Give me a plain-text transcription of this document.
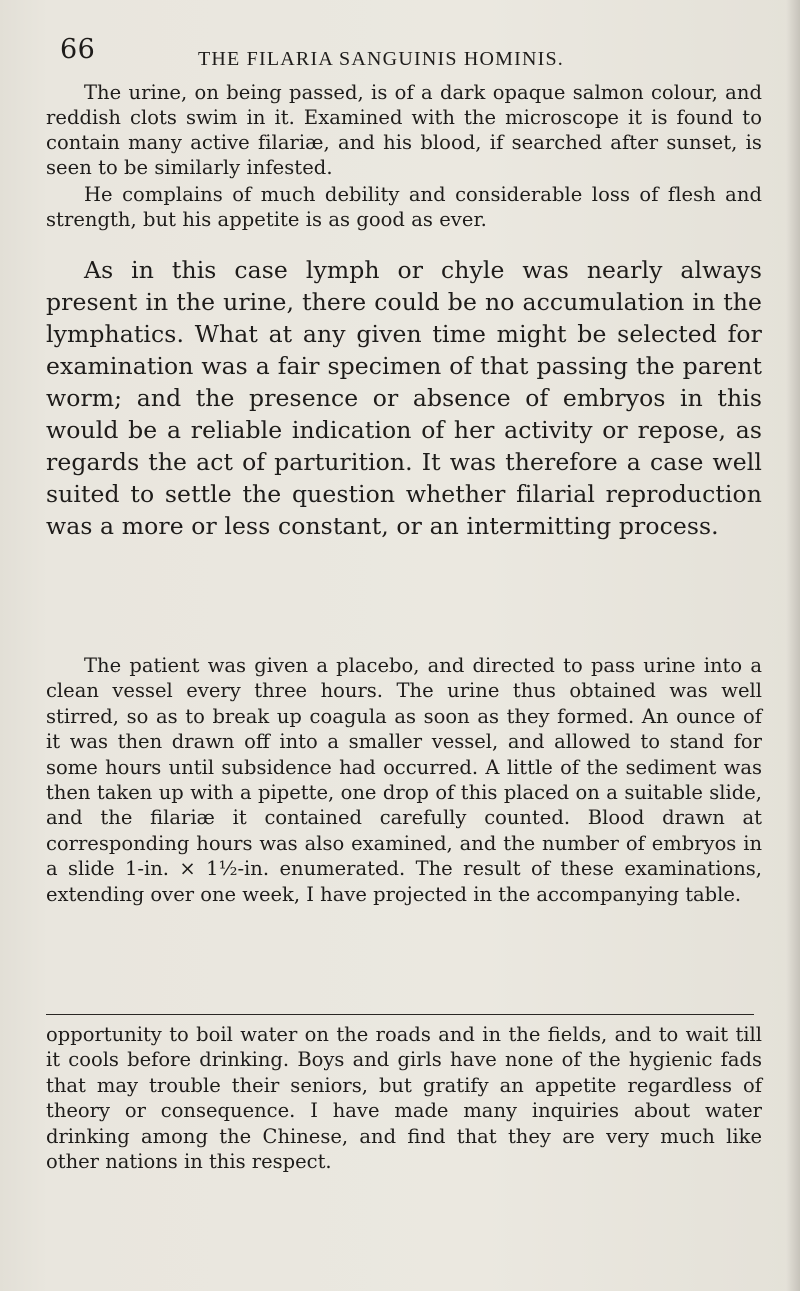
66	THE FILARIA SANGUINIS HOMINIS.

The urine, on being passed, is of a dark opaque salmon colour, and reddish clots swim in it. Examined with the microscope it is found to contain many active filariæ, and his blood, if searched after sunset, is seen to be similarly infested.

He complains of much debility and considerable loss of flesh and strength, but his appetite is as good as ever.

As in this case lymph or chyle was nearly always present in the urine, there could be no accumulation in the lymphatics. What at any given time might be selected for examination was a fair specimen of that passing the parent worm; and the presence or absence of embryos in this would be a reliable indication of her activity or repose, as regards the act of parturition. It was therefore a case well suited to settle the question whether filarial reproduction was a more or less constant, or an intermitting process.

The patient was given a placebo, and directed to pass urine into a clean vessel every three hours. The urine thus obtained was well stirred, so as to break up coagula as soon as they formed. An ounce of it was then drawn off into a smaller vessel, and allowed to stand for some hours until subsidence had occurred. A little of the sediment was then taken up with a pipette, one drop of this placed on a suitable slide, and the filariæ it contained carefully counted. Blood drawn at corresponding hours was also examined, and the number of embryos in a slide 1-in. × 1½-in. enumerated. The result of these examinations, extending over one week, I have projected in the accompanying table.

opportunity to boil water on the roads and in the fields, and to wait till it cools before drinking. Boys and girls have none of the hygienic fads that may trouble their seniors, but gratify an appetite regardless of theory or consequence. I have made many inquiries about water drinking among the Chinese, and find that they are very much like other nations in this respect.
